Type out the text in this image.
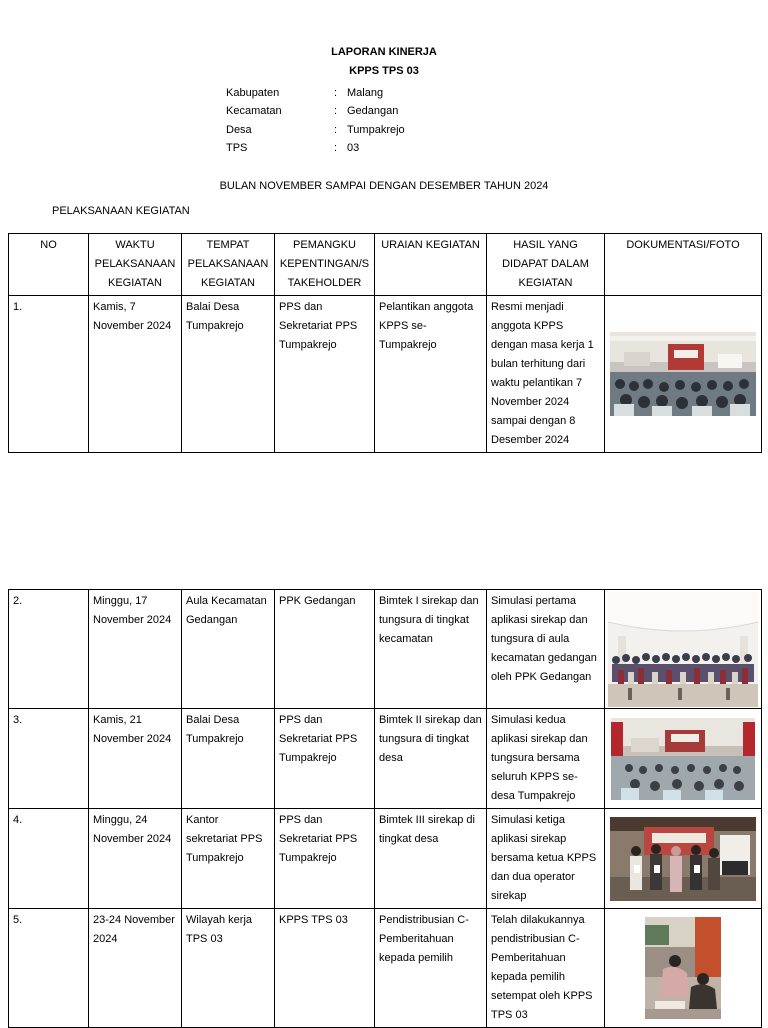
LAPORAN KINERJA
KPPS TPS 03
Kabupaten	: Malang
Kecamatan	: Gedangan
Desa	: Tumpakrejo
TPS	: 03
BULAN NOVEMBER SAMPAI DENGAN DESEMBER TAHUN 2024
PELAKSANAAN KEGIATAN
NO	WAKTU PELAKSANAAN KEGIATAN	TEMPAT PELAKSANAAN KEGIATAN	PEMANGKU KEPENTINGAN/S TAKEHOLDER	URAIAN KEGIATAN	HASIL YANG DIDAPAT DALAM KEGIATAN	DOKUMENTASI/FOTO
1.	Kamis, 7 November 2024	Balai Desa Tumpakrejo	PPS dan Sekretariat PPS Tumpakrejo	Pelantikan anggota KPPS se-Tumpakrejo	Resmi menjadi anggota KPPS dengan masa kerja 1 bulan terhitung dari waktu pelantikan 7 November 2024 sampai dengan 8 Desember 2024	
2.	Minggu, 17 November 2024	Aula Kecamatan Gedangan	PPK Gedangan	Bimtek I sirekap dan tungsura di tingkat kecamatan	Simulasi pertama aplikasi sirekap dan tungsura di aula kecamatan gedangan oleh PPK Gedangan	

3.	Kamis, 21 November 2024	Balai Desa Tumpakrejo	PPS dan Sekretariat PPS Tumpakrejo	Bimtek II sirekap dan tungsura di tingkat desa	Simulasi kedua aplikasi sirekap dan tungsura bersama seluruh KPPS se-desa Tumpakrejo	

4.	Minggu, 24 November 2024	Kantor sekretariat PPS Tumpakrejo	PPS dan Sekretariat PPS Tumpakrejo	Bimtek III sirekap di tingkat desa	Simulasi ketiga aplikasi sirekap bersama ketua KPPS dan dua operator sirekap	

5.	23-24 November 2024	Wilayah kerja TPS 03	KPPS TPS 03	Pendistribusian C-Pemberitahuan kepada pemilih	Telah dilakukannya pendistribusian C-Pemberitahuan kepada pemilih setempat oleh KPPS TPS 03	
